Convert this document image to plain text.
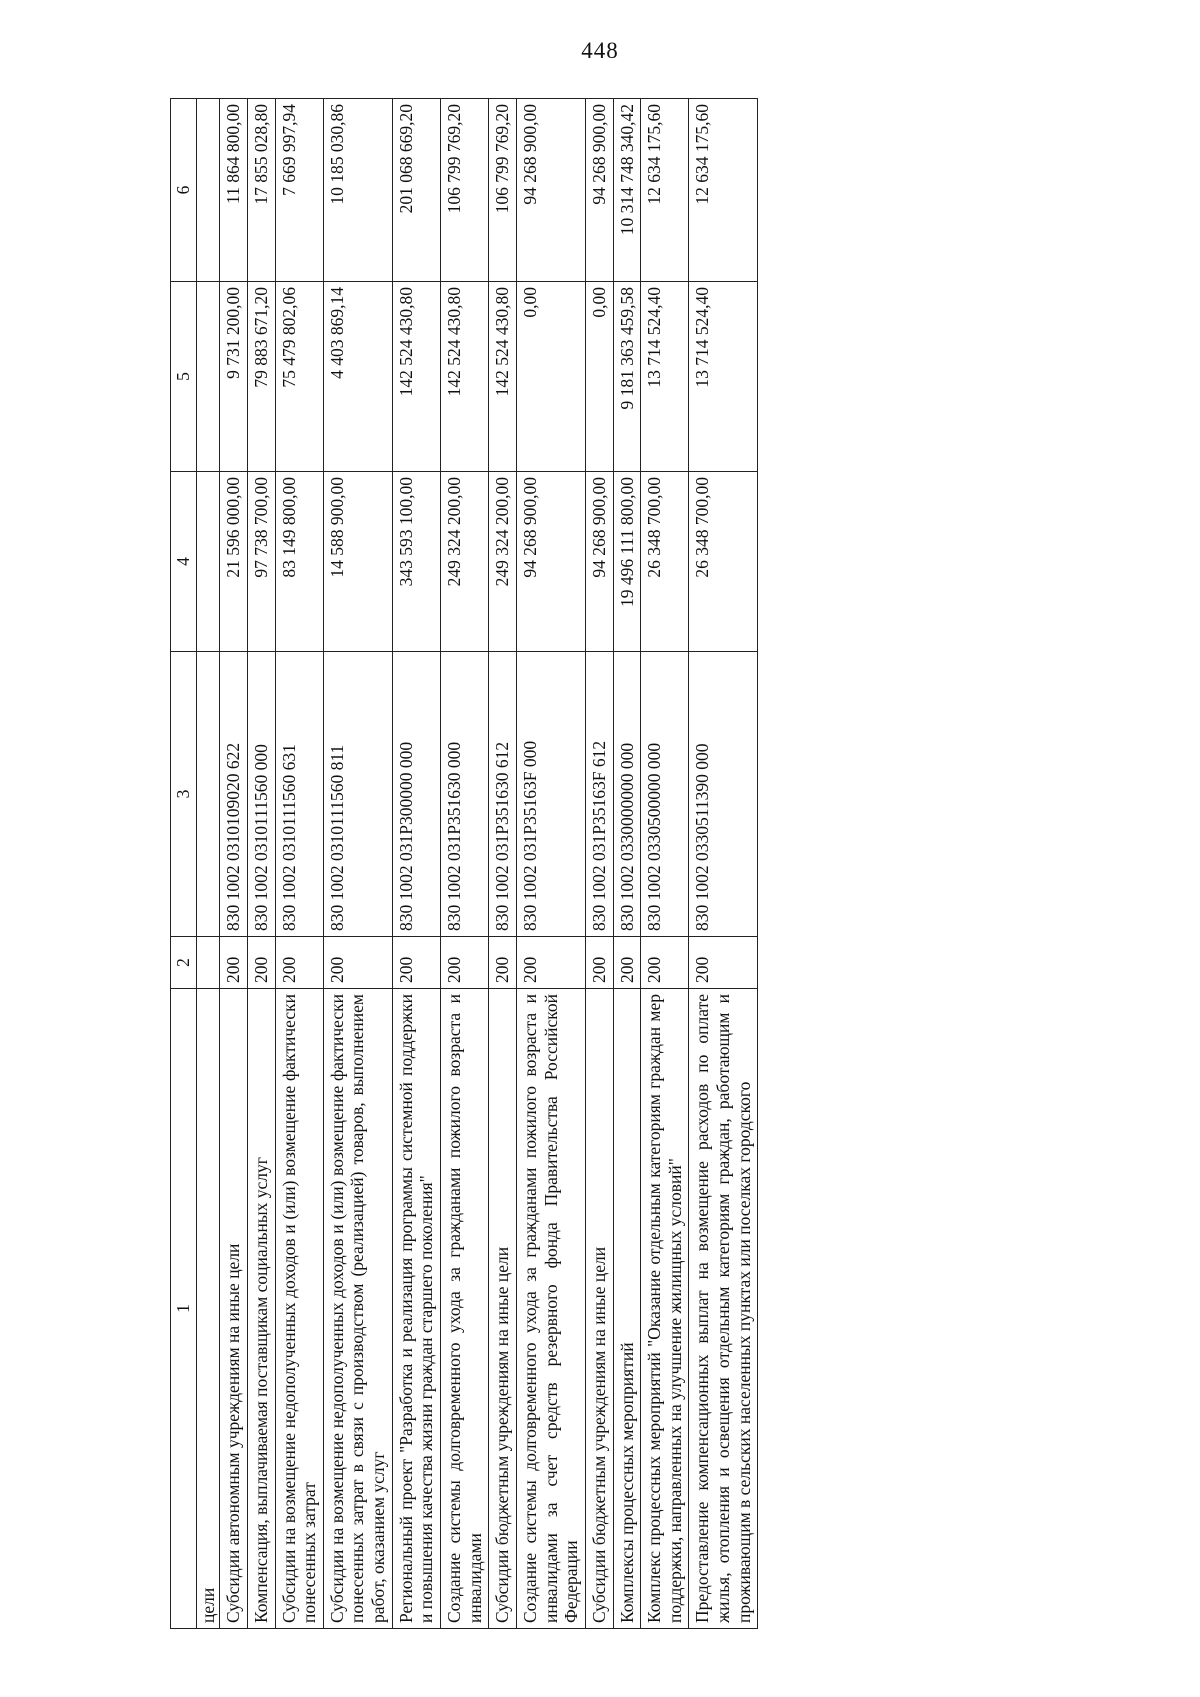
448
1	2	3	4	5	6
цели					
Субсидии автономным учреждениям на иные цели	200	830 1002 0310109020 622	21 596 000,00	9 731 200,00	11 864 800,00
Компенсация, выплачиваемая поставщикам социальных услуг	200	830 1002 0310111560 000	97 738 700,00	79 883 671,20	17 855 028,80
Субсидии на возмещение недополученных доходов и (или) возмещение фактически понесенных затрат	200	830 1002 0310111560 631	83 149 800,00	75 479 802,06	7 669 997,94
Субсидии на возмещение недополученных доходов и (или) возмещение фактически понесенных затрат в связи с производством (реализацией) товаров, выполнением работ, оказанием услуг	200	830 1002 0310111560 811	14 588 900,00	4 403 869,14	10 185 030,86
Региональный проект "Разработка и реализация программы системной поддержки и повышения качества жизни граждан старшего поколения"	200	830 1002 031P300000 000	343 593 100,00	142 524 430,80	201 068 669,20
Создание системы долговременного ухода за гражданами пожилого возраста и инвалидами	200	830 1002 031P351630 000	249 324 200,00	142 524 430,80	106 799 769,20
Субсидии бюджетным учреждениям на иные цели	200	830 1002 031P351630 612	249 324 200,00	142 524 430,80	106 799 769,20
Создание системы долговременного ухода за гражданами пожилого возраста и инвалидами за счет средств резервного фонда Правительства Российской Федерации	200	830 1002 031P35163F 000	94 268 900,00	0,00	94 268 900,00
Субсидии бюджетным учреждениям на иные цели	200	830 1002 031P35163F 612	94 268 900,00	0,00	94 268 900,00
Комплексы процессных мероприятий	200	830 1002 0330000000 000	19 496 111 800,00	9 181 363 459,58	10 314 748 340,42
Комплекс процессных мероприятий "Оказание отдельным категориям граждан мер поддержки, направленных на улучшение жилищных условий"	200	830 1002 0330500000 000	26 348 700,00	13 714 524,40	12 634 175,60
Предоставление компенсационных выплат на возмещение расходов по оплате жилья, отопления и освещения отдельным категориям граждан, работающим и проживающим в сельских населенных пунктах или поселках городского	200	830 1002 0330511390 000	26 348 700,00	13 714 524,40	12 634 175,60
